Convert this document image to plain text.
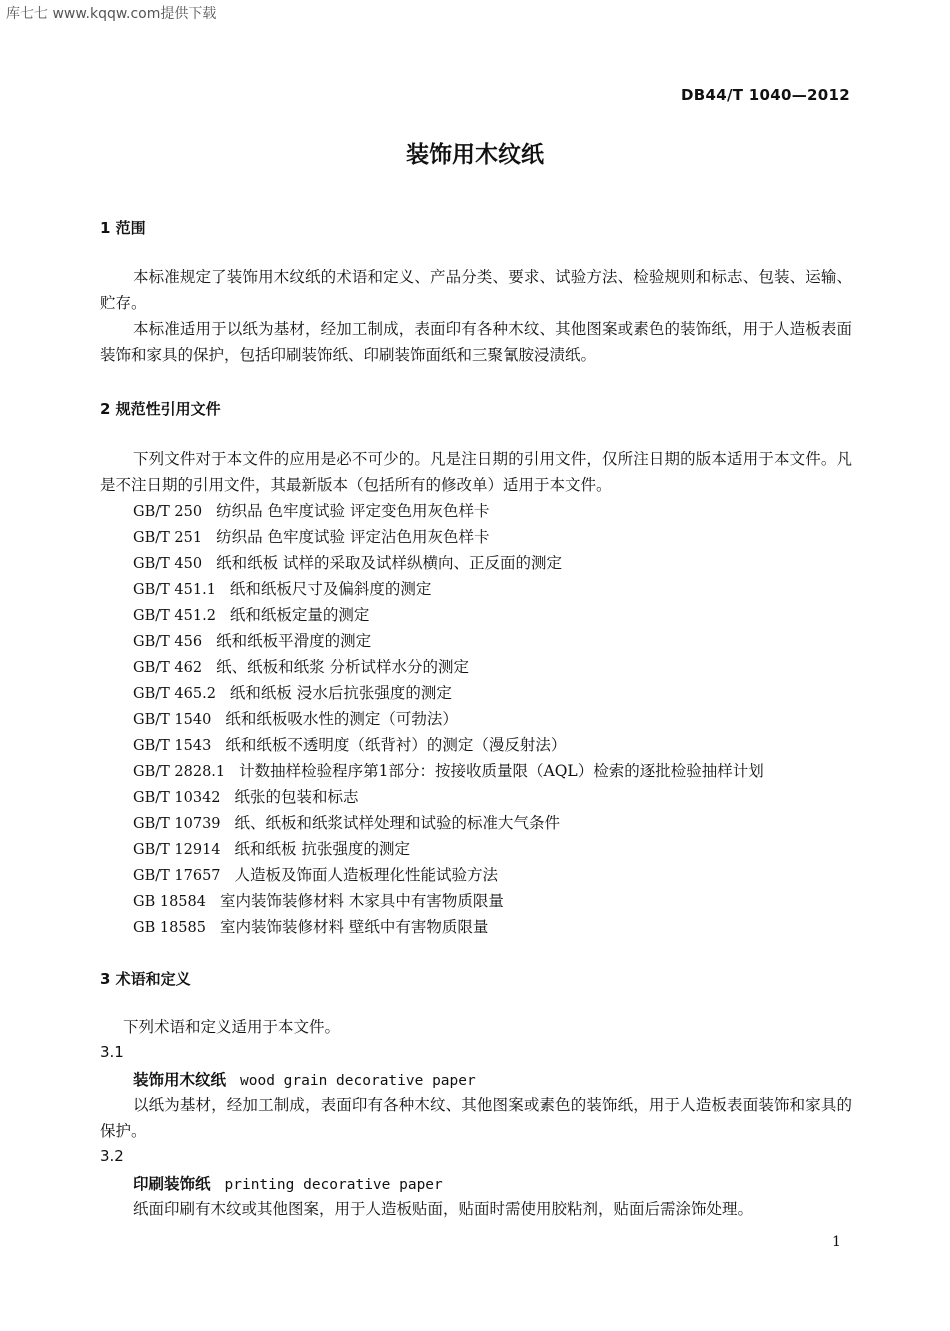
库七七 www.kqqw.com提供下载
DB44/T 1040—2012
装饰用木纹纸
1 范围
本标准规定了装饰用木纹纸的术语和定义、产品分类、要求、试验方法、检验规则和标志、包装、运输、贮存。
本标准适用于以纸为基材，经加工制成，表面印有各种木纹、其他图案或素色的装饰纸，用于人造板表面装饰和家具的保护，包括印刷装饰纸、印刷装饰面纸和三聚氰胺浸渍纸。
2 规范性引用文件
下列文件对于本文件的应用是必不可少的。凡是注日期的引用文件，仅所注日期的版本适用于本文件。凡是不注日期的引用文件，其最新版本（包括所有的修改单）适用于本文件。
GB/T 250 纺织品 色牢度试验 评定变色用灰色样卡
GB/T 251 纺织品 色牢度试验 评定沾色用灰色样卡
GB/T 450 纸和纸板 试样的采取及试样纵横向、正反面的测定
GB/T 451.1 纸和纸板尺寸及偏斜度的测定
GB/T 451.2 纸和纸板定量的测定
GB/T 456 纸和纸板平滑度的测定
GB/T 462 纸、纸板和纸浆 分析试样水分的测定
GB/T 465.2 纸和纸板 浸水后抗张强度的测定
GB/T 1540 纸和纸板吸水性的测定（可勃法）
GB/T 1543 纸和纸板不透明度（纸背衬）的测定（漫反射法）
GB/T 2828.1 计数抽样检验程序第1部分：按接收质量限（AQL）检索的逐批检验抽样计划
GB/T 10342 纸张的包装和标志
GB/T 10739 纸、纸板和纸浆试样处理和试验的标准大气条件
GB/T 12914 纸和纸板 抗张强度的测定
GB/T 17657 人造板及饰面人造板理化性能试验方法
GB 18584 室内装饰装修材料 木家具中有害物质限量
GB 18585 室内装饰装修材料 壁纸中有害物质限量
3 术语和定义
下列术语和定义适用于本文件。
3.1
装饰用木纹纸 wood grain decorative paper
以纸为基材，经加工制成，表面印有各种木纹、其他图案或素色的装饰纸，用于人造板表面装饰和家具的保护。
3.2
印刷装饰纸 printing decorative paper
纸面印刷有木纹或其他图案，用于人造板贴面，贴面时需使用胶粘剂，贴面后需涂饰处理。
1
